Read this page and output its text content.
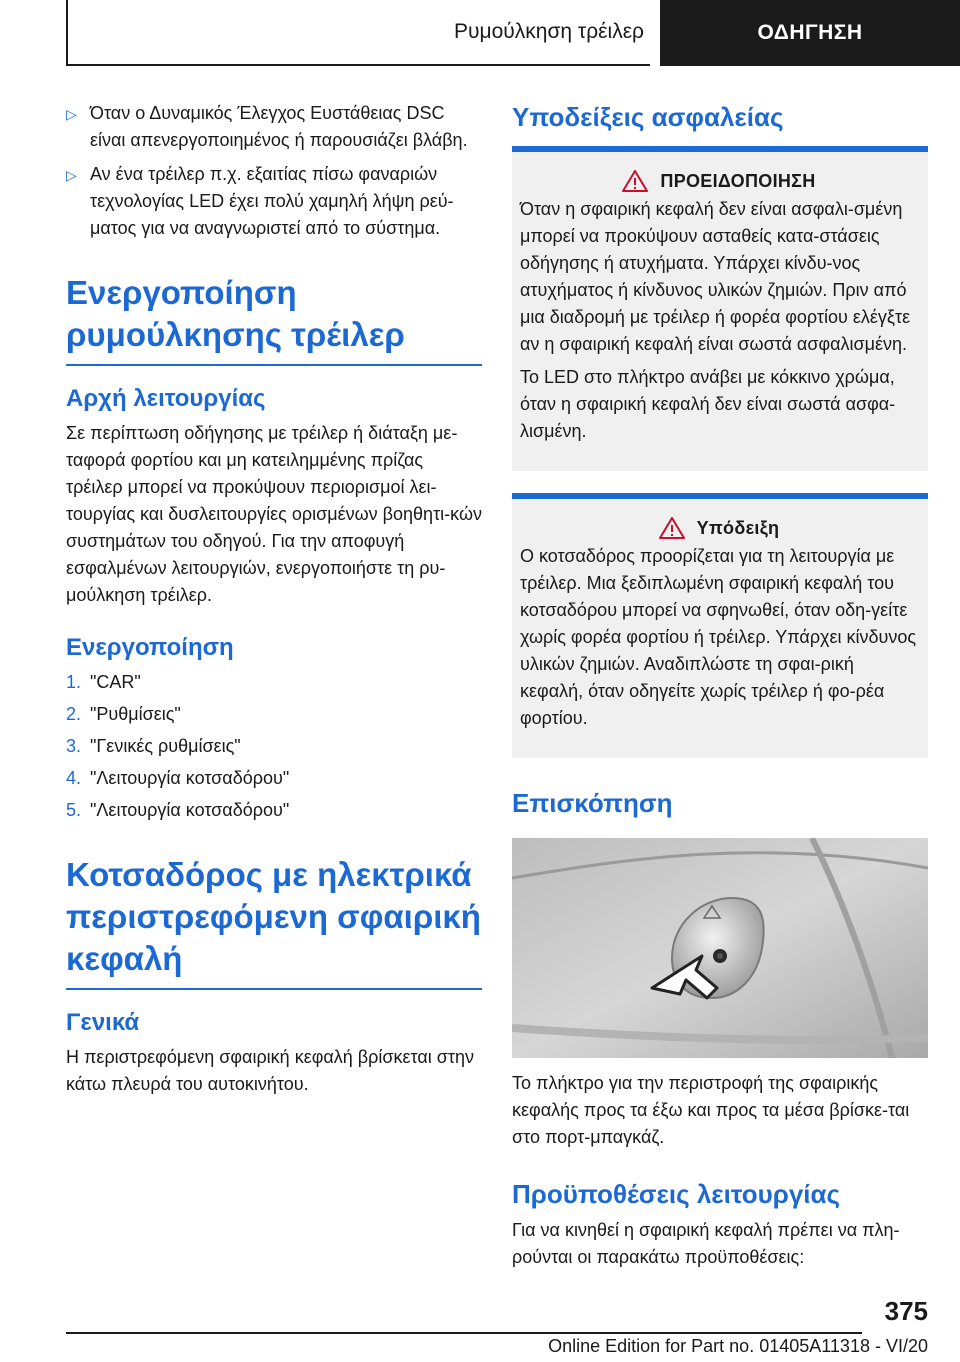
Ρυμούλκηση τρέιλερ	ΟΔΗΓΗΣΗ
▷ Όταν ο Δυναμικός Έλεγχος Ευστάθειας DSC είναι απενεργοποιημένος ή παρουσιάζει βλάβη.
▷ Αν ένα τρέιλερ π.χ. εξαιτίας πίσω φαναριών τεχνολογίας LED έχει πολύ χαμηλή λήψη ρεύ-ματος για να αναγνωριστεί από το σύστημα.
Ενεργοποίηση ρυμούλκησης τρέιλερ
Αρχή λειτουργίας

Σε περίπτωση οδήγησης με τρέιλερ ή διάταξη με-ταφορά φορτίου και μη κατειλημμένης πρίζας τρέιλερ μπορεί να προκύψουν περιορισμοί λει-τουργίας και δυσλειτουργίες ορισμένων βοηθητι-κών συστημάτων του οδηγού. Για την αποφυγή εσφαλμένων λειτουργιών, ενεργοποιήστε τη ρυ-μούλκηση τρέιλερ.

Ενεργοποίηση
1. "CAR"
2. "Ρυθμίσεις"
3. "Γενικές ρυθμίσεις"
4. "Λειτουργία κοτσαδόρου"
5. "Λειτουργία κοτσαδόρου"
Κοτσαδόρος με ηλεκτρικά περιστρεφόμενη σφαιρική κεφαλή
Γενικά

Η περιστρεφόμενη σφαιρική κεφαλή βρίσκεται στην κάτω πλευρά του αυτοκινήτου.

Υποδείξεις ασφαλείας
ΠΡΟΕΙΔΟΠΟΙΗΣΗ

Όταν η σφαιρική κεφαλή δεν είναι ασφαλι-σμένη μπορεί να προκύψουν ασταθείς κατα-στάσεις οδήγησης ή ατυχήματα. Υπάρχει κίνδυ-νος ατυχήματος ή κίνδυνος υλικών ζημιών. Πριν από μια διαδρομή με τρέιλερ ή φορέα φορτίου ελέγξτε αν η σφαιρική κεφαλή είναι σωστά ασφαλισμένη.

Το LED στο πλήκτρο ανάβει με κόκκινο χρώμα, όταν η σφαιρική κεφαλή δεν είναι σωστά ασφα-λισμένη.

Υπόδειξη

Ο κοτσαδόρος προορίζεται για τη λειτουργία με τρέιλερ. Μια ξεδιπλωμένη σφαιρική κεφαλή του κοτσαδόρου μπορεί να σφηνωθεί, όταν οδη-γείτε χωρίς φορέα φορτίου ή τρέιλερ. Υπάρχει κίνδυνος υλικών ζημιών. Αναδιπλώστε τη σφαι-ρική κεφαλή, όταν οδηγείτε χωρίς τρέιλερ ή φο-ρέα φορτίου.

Επισκόπηση

Το πλήκτρο για την περιστροφή της σφαιρικής κεφαλής προς τα έξω και προς τα μέσα βρίσκε-ται στο πορτ-μπαγκάζ.

Προϋποθέσεις λειτουργίας

Για να κινηθεί η σφαιρική κεφαλή πρέπει να πλη-ρούνται οι παρακάτω προϋποθέσεις:

375
Online Edition for Part no. 01405A11318 - VI/20
